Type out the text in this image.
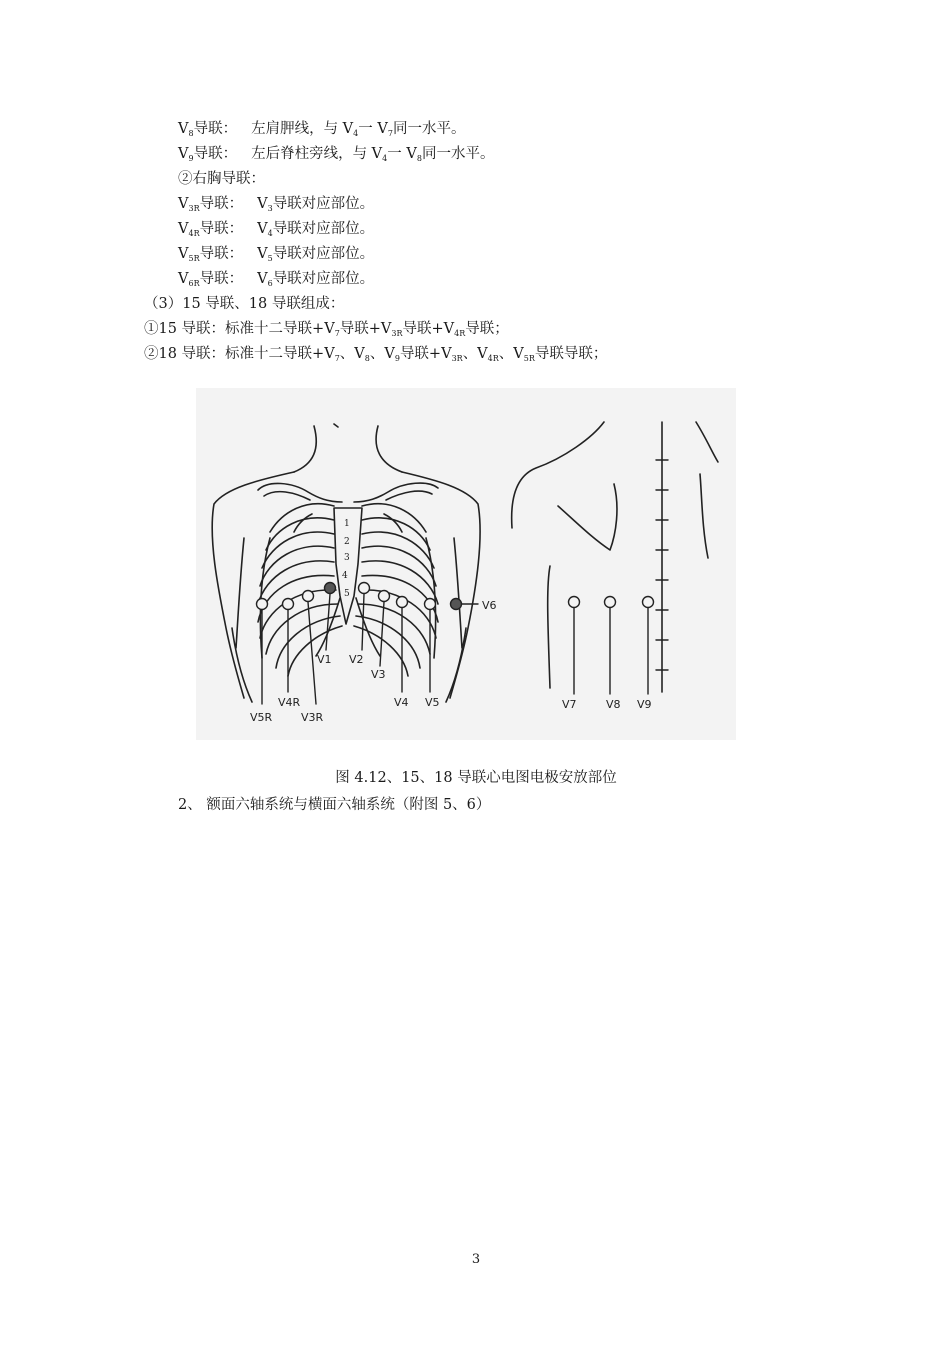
$V_8$导联： 左肩胛线，与 $V_4$一 $V_7$同一水平。
$V_9$导联： 左后脊柱旁线，与 $V_4$一 $V_8$同一水平。
②右胸导联：
$V_{3R}$导联： $V_3$导联对应部位。
$V_{4R}$导联： $V_4$导联对应部位。
$V_{5R}$导联： $V_5$导联对应部位。
$V_{6R}$导联： $V_6$导联对应部位。
（3）15 导联、18 导联组成：
①15 导联：标准十二导联$+V_7$导联$+V_{3R}$导联$+V_{4R}$导联；
②18 导联：标准十二导联$+V_7$、$V_8$、$V_9$导联$+V_{3R}$、$V_{4R}$、$V_{5R}$导联导联；
1
2
3
4
5
V1 V2
V3
V4 V5
V6
V4R
V5R	V3R
V7	V8 V9
图 4.12、15、18 导联心电图电极安放部位
2、 额面六轴系统与横面六轴系统（附图 5、6）
3
